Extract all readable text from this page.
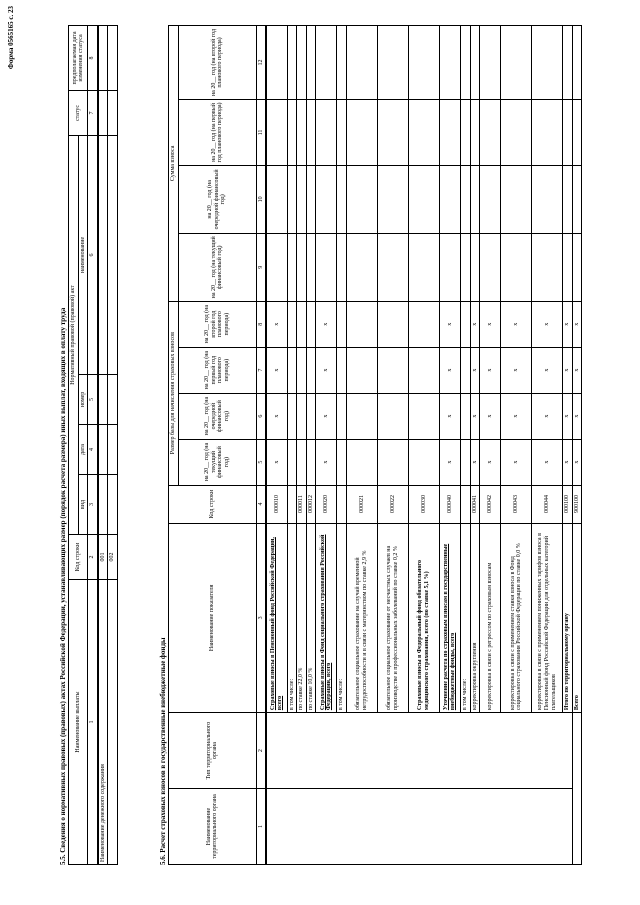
Форма 0565165 с. 23
5.5. Сведения о нормативных правовых (правовых) актах Российской Федерации, устанавливающих размер (порядок расчета размера) иных выплат, входящих в оплату труда Наименование выплаты	Код строки	Нормативный правовой (правовой) акт				статус	предполагаемая дата изменения статуса
		вид	дата	номер	наименование		
1	2	3	4	5	6	7	8
Наименование денежного содержания	001						
	002						
5.6. Расчет страховых взносов в государственные внебюджетные фонды	Наименование территориального органа	Тип территориального органа	Наименование показателя	Код строки	Размер базы для начисления страховых взносов				Сумма взноса			
				на 20__ год (на текущий финансовый год)	на 20__ год (на очередной финансовый год)	на 20__ год (на первый год планового периода)	на 20__ год (на второй год планового периода)	на 20__ год (на текущий финансовый год)	на 20__ год (на очередной финансовый год)	на 20__ год (на первый год планового периода)	на 20__ год (на второй год планового периода)
1	2	3	4	5	6	7	8	9	10	11	12
		Страховые взносы в Пенсионный фонд Российской Федерации, всего	000010	x	x	x	x				
		в том числе:									
		по ставке 22,0 %	000011								
		по ставке 10,0 %	000012								
		Страховые взносы в Фонд социального страхования Российской Федерации, всего	000020	x	x	x	x				
		в том числе:									
		обязательное социальное страхование на случай временной нетрудоспособности и в связи с материнством по ставке 2,9 %	000021								
		обязательное социальное страхование от несчастных случаев на производстве и профессиональных заболеваний по ставке 0,2 %	000022								
		Страховые взносы в Федеральный фонд обязательного медицинского страхования, всего (по ставке 5,1 %)	000030								
		Уточнение расчета по страховым взносам в государственные внебюджетные фонды, всего	000040	x	x	x	x				
		в том числе:									
		корректировка округления	000041	x	x	x	x				
		корректировка в связи с регрессом по страховым взносам	000042	x	x	x	x				
		корректировка в связи с применением ставки взноса в Фонд социального страхования Российской Федерации по ставке 0,0 %	000043	x	x	x	x				
		корректировка в связи с применением пониженных тарифов взноса в Пенсионный фонд Российской Федерации для отдельных категорий плательщиков	000044	x	x	x	x				
		Итого по территориальному органу	000100	x	x	x	x				
		Всего	900100	x	x	x	x				
